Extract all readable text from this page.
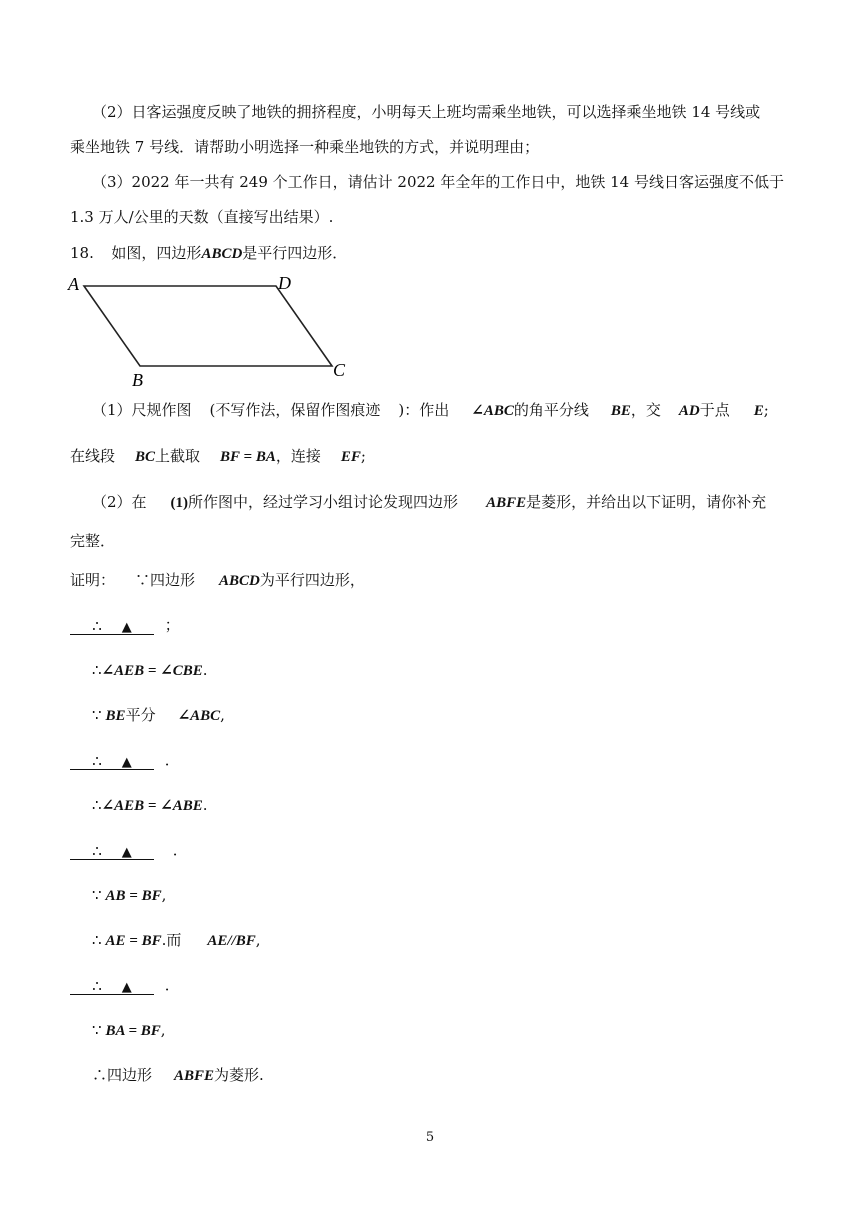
（2）日客运强度反映了地铁的拥挤程度，小明每天上班均需乘坐地铁，可以选择乘坐地铁 14 号线或
乘坐地铁 7 号线．请帮助小明选择一种乘坐地铁的方式，并说明理由；
（3）2022 年一共有 249 个工作日，请估计 2022 年全年的工作日中，地铁 14 号线日客运强度不低于
1.3 万人/公里的天数（直接写出结果）.
18. 如图，四边形ABCD是平行四边形．
A	D
C
B
（1）尺规作图 (不写作法，保留作图痕迹 )：作出 ∠ABC的角平分线 BE，交 AD于点 E;
在线段 BC上截取 BF = BA，连接 EF;
（2）在 (1)所作图中，经过学习小组讨论发现四边形 ABFE是菱形，并给出以下证明，请你补充
完整．
证明： ∵四边形 ABCD为平行四边形，
∴ ▲ ；
∴∠AEB = ∠CBE.
∵ BE平分 ∠ABC,
∴ ▲ ．
∴∠AEB = ∠ABE.
∴ ▲	．
∵ AB = BF,
∴ AE = BF.而 AE//BF,
∴ ▲ ．
∵ BA = BF,
∴四边形 ABFE为菱形.
5
